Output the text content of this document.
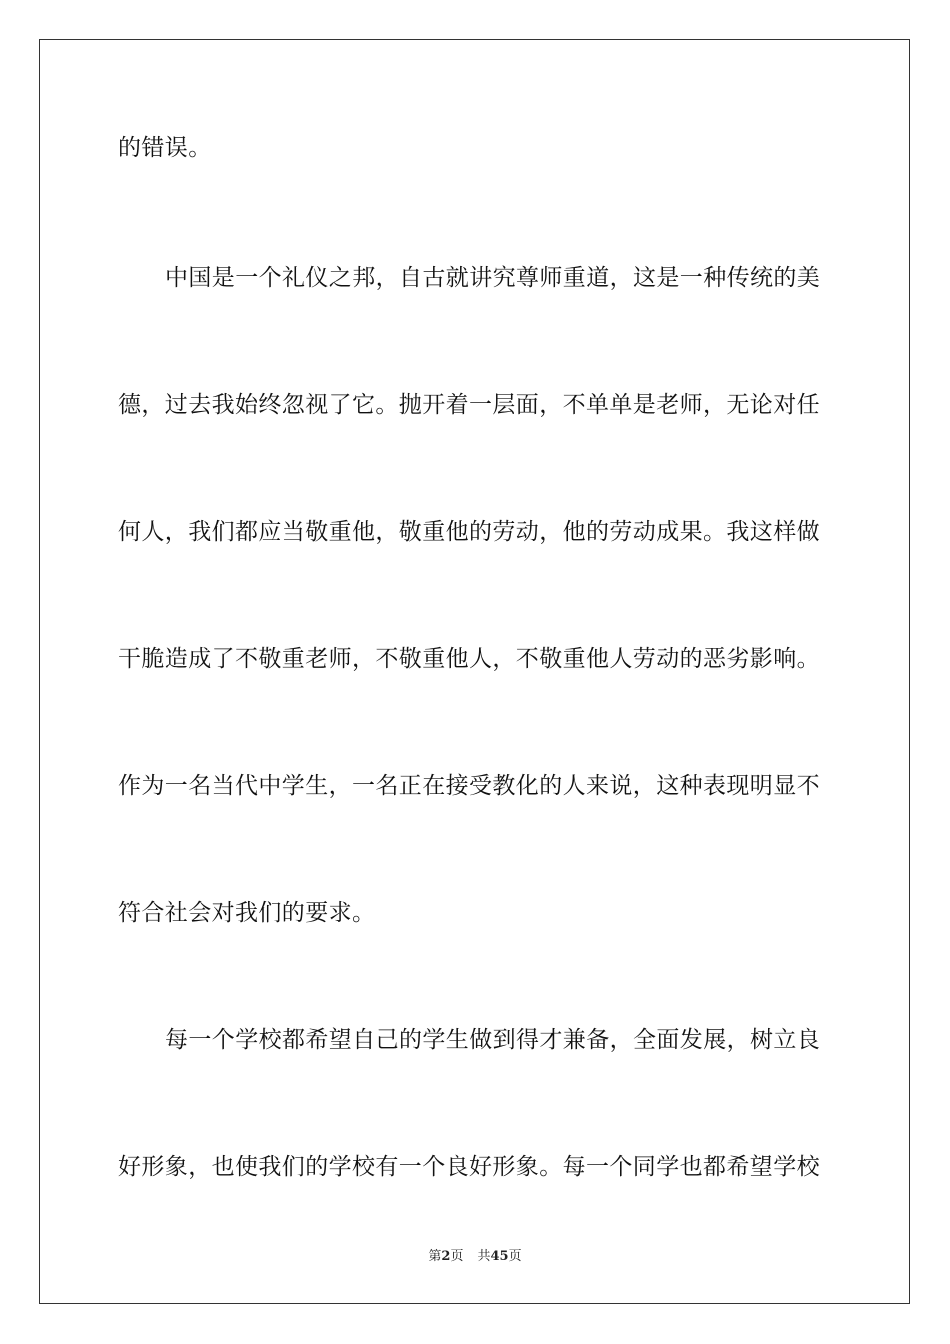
的错误。
中国是一个礼仪之邦，自古就讲究尊师重道，这是一种传统的美
德，过去我始终忽视了它。抛开着一层面，不单单是老师，无论对任
何人，我们都应当敬重他，敬重他的劳动，他的劳动成果。我这样做
干脆造成了不敬重老师，不敬重他人，不敬重他人劳动的恶劣影响。
作为一名当代中学生，一名正在接受教化的人来说，这种表现明显不
符合社会对我们的要求。
每一个学校都希望自己的学生做到得才兼备，全面发展，树立良
好形象，也使我们的学校有一个良好形象。每一个同学也都希望学校
第2页 共45页
